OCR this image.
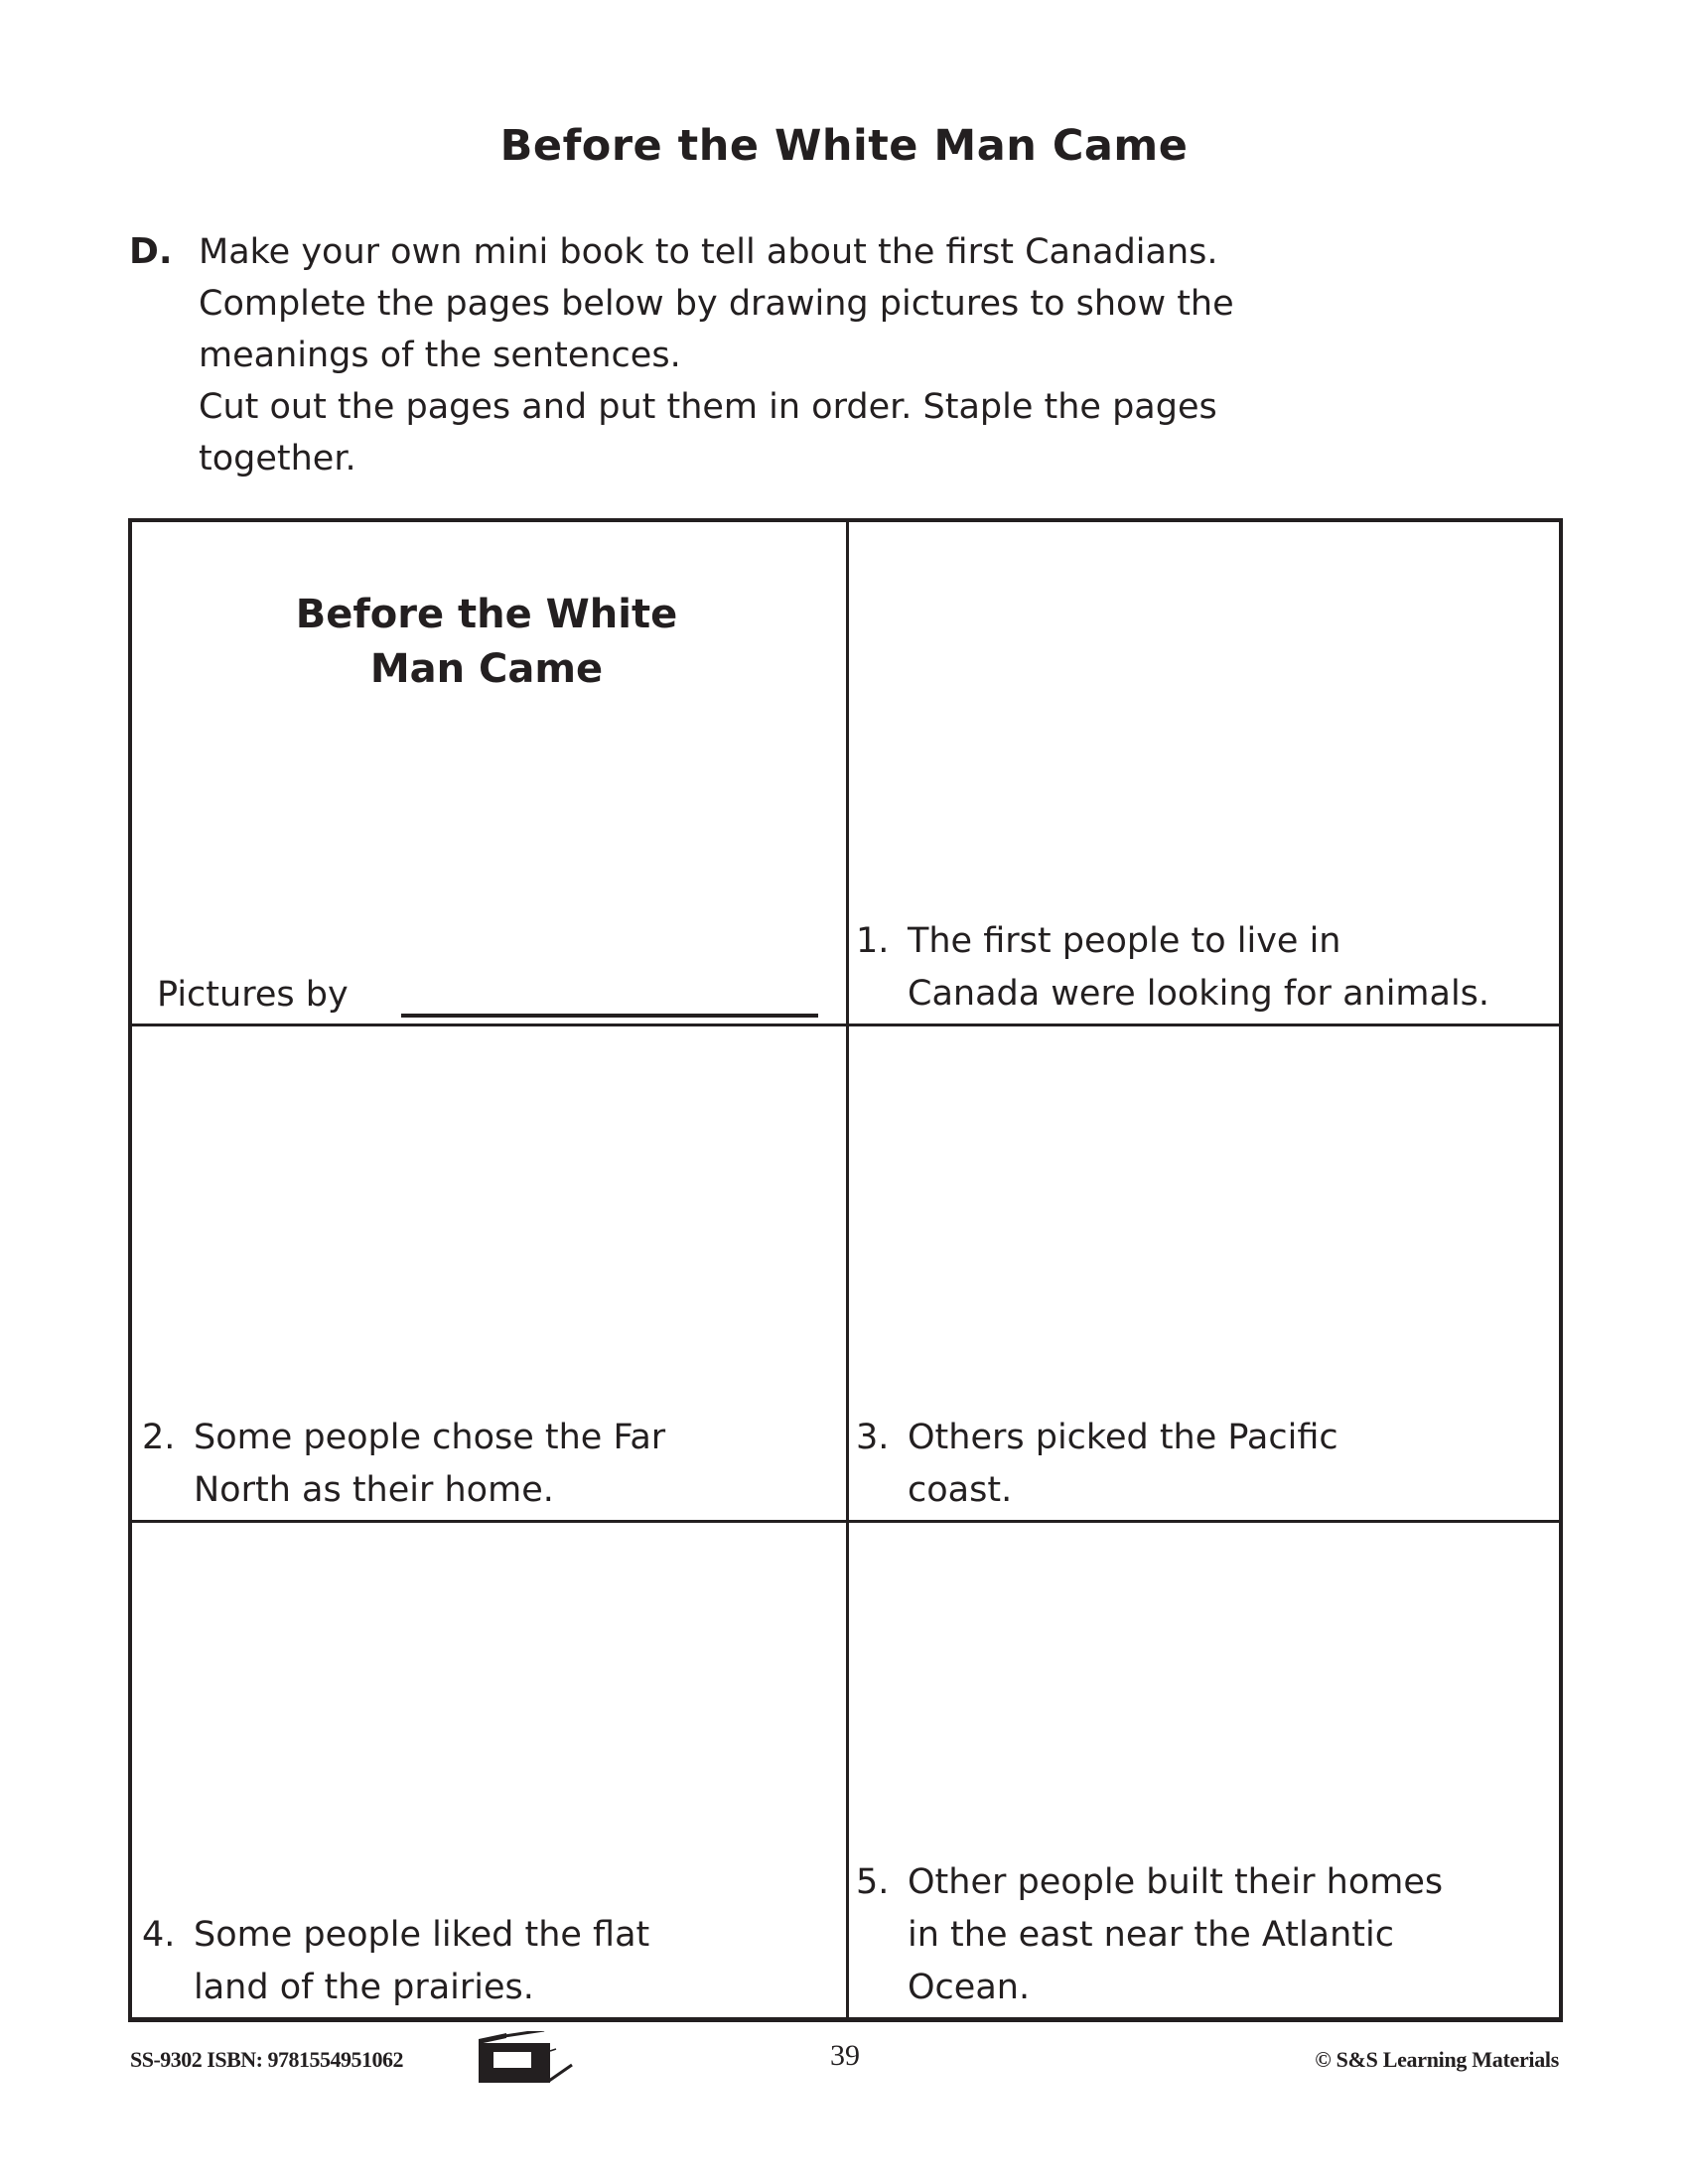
Before the White Man Came
D. Make your own mini book to tell about the first Canadians.
Complete the pages below by drawing pictures to show the
meanings of the sentences.
Cut out the pages and put them in order. Staple the pages
together.
Before the White
Man Came
Pictures by
1. The first people to live in
Canada were looking for animals.
2. Some people chose the Far
North as their home.
3. Others picked the Pacific
coast.
4. Some people liked the flat
land of the prairies.
5. Other people built their homes
in the east near the Atlantic
Ocean.
SS-9302 ISBN: 9781554951062	39	© S&S Learning Materials
